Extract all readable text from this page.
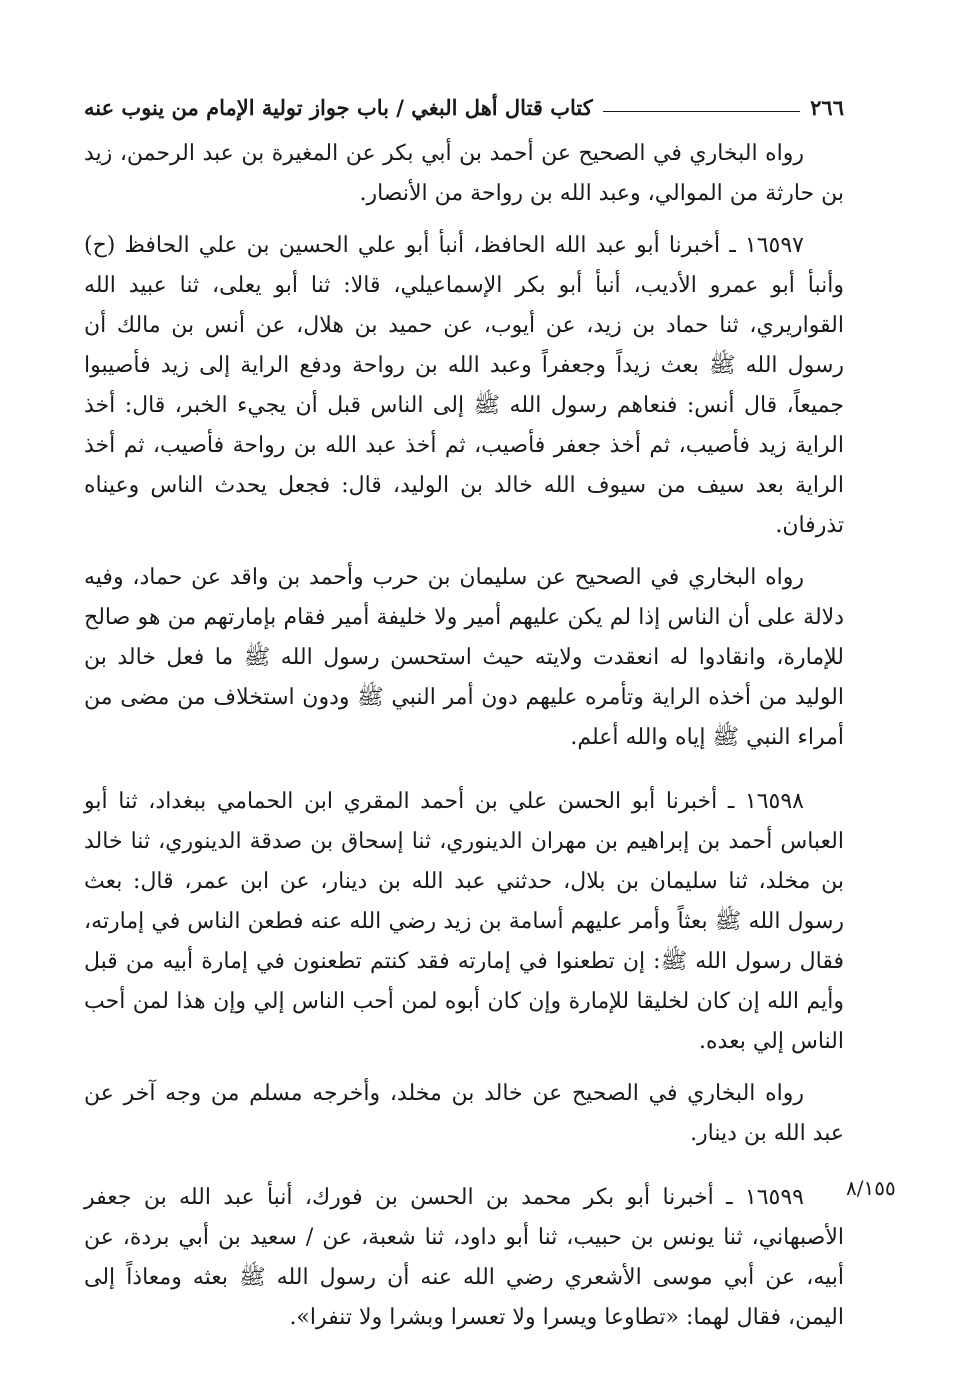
٢٦٦
كتاب قتال أهل البغي / باب جواز تولية الإمام من ينوب عنه

رواه البخاري في الصحيح عن أحمد بن أبي بكر عن المغيرة بن عبد الرحمن، زيد بن حارثة من الموالي، وعبد الله بن رواحة من الأنصار.

١٦٥٩٧ ـ أخبرنا أبو عبد الله الحافظ، أنبأ أبو علي الحسين بن علي الحافظ (ح) وأنبأ أبو عمرو الأديب، أنبأ أبو بكر الإسماعيلي، قالا: ثنا أبو يعلى، ثنا عبيد الله القواريري، ثنا حماد بن زيد، عن أيوب، عن حميد بن هلال، عن أنس بن مالك أن رسول الله ﷺ بعث زيداً وجعفراً وعبد الله بن رواحة ودفع الراية إلى زيد فأصيبوا جميعاً، قال أنس: فنعاهم رسول الله ﷺ إلى الناس قبل أن يجيء الخبر، قال: أخذ الراية زيد فأصيب، ثم أخذ جعفر فأصيب، ثم أخذ عبد الله بن رواحة فأصيب، ثم أخذ الراية بعد سيف من سيوف الله خالد بن الوليد، قال: فجعل يحدث الناس وعيناه تذرفان.

رواه البخاري في الصحيح عن سليمان بن حرب وأحمد بن واقد عن حماد، وفيه دلالة على أن الناس إذا لم يكن عليهم أمير ولا خليفة أمير فقام بإمارتهم من هو صالح للإمارة، وانقادوا له انعقدت ولايته حيث استحسن رسول الله ﷺ ما فعل خالد بن الوليد من أخذه الراية وتأمره عليهم دون أمر النبي ﷺ ودون استخلاف من مضى من أمراء النبي ﷺ إياه والله أعلم.

١٦٥٩٨ ـ أخبرنا أبو الحسن علي بن أحمد المقري ابن الحمامي ببغداد، ثنا أبو العباس أحمد بن إبراهيم بن مهران الدينوري، ثنا إسحاق بن صدقة الدينوري، ثنا خالد بن مخلد، ثنا سليمان بن بلال، حدثني عبد الله بن دينار، عن ابن عمر، قال: بعث رسول الله ﷺ بعثاً وأمر عليهم أسامة بن زيد رضي الله عنه فطعن الناس في إمارته، فقال رسول الله ﷺ: إن تطعنوا في إمارته فقد كنتم تطعنون في إمارة أبيه من قبل وأيم الله إن كان لخليقا للإمارة وإن كان أبوه لمن أحب الناس إلي وإن هذا لمن أحب الناس إلي بعده.

رواه البخاري في الصحيح عن خالد بن مخلد، وأخرجه مسلم من وجه آخر عن عبد الله بن دينار.

١٦٥٩٩ ـ أخبرنا أبو بكر محمد بن الحسن بن فورك، أنبأ عبد الله بن جعفر الأصبهاني، ثنا يونس بن حبيب، ثنا أبو داود، ثنا شعبة، عن / سعيد بن أبي بردة، عن أبيه، عن أبي موسى الأشعري رضي الله عنه أن رسول الله ﷺ بعثه ومعاذاً إلى اليمن، فقال لهما: «تطاوعا ويسرا ولا تعسرا وبشرا ولا تنفرا».

٨/١٥٥
